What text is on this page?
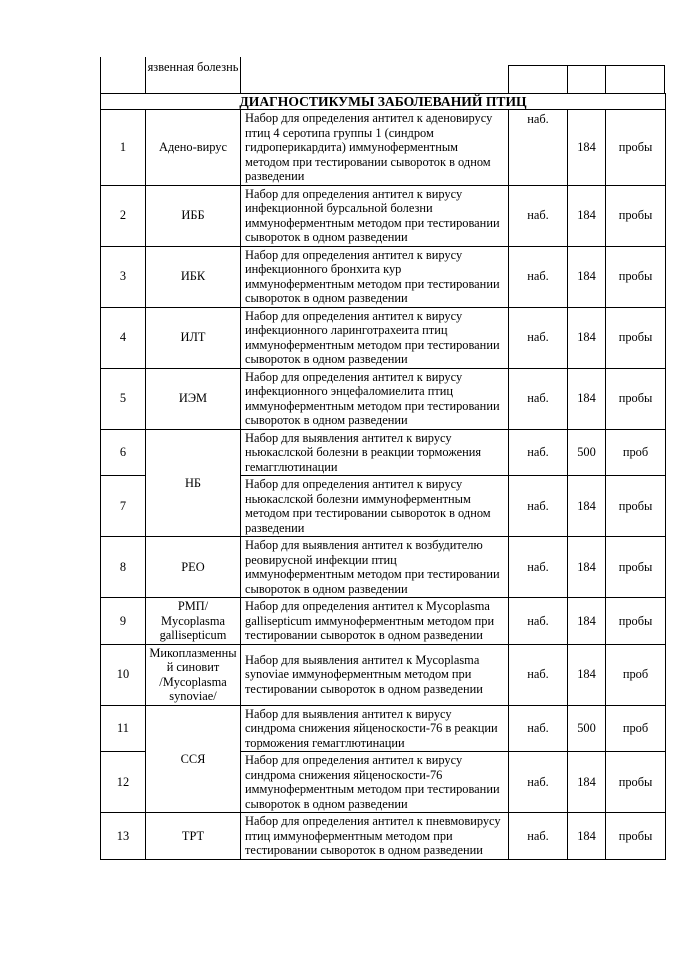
язвенная болезнь
ДИАГНОСТИКУМЫ ЗАБОЛЕВАНИЙ ПТИЦ					
1	Адено-вирус	Набор для определения антител к аденовирусу птиц 4 серотипа группы 1 (синдром гидроперикардита) иммуноферментным методом при тестировании сывороток в одном разведении	наб.	184	пробы
2	ИББ	Набор для определения антител к вирусу инфекционной бурсальной болезни иммуноферментным методом при тестировании сывороток в одном разведении	наб.	184	пробы
3	ИБК	Набор для определения антител к вирусу инфекционного бронхита кур иммуноферментным методом при тестировании сывороток в одном разведении	наб.	184	пробы
4	ИЛТ	Набор для определения антител к вирусу инфекционного ларинготрахеита птиц иммуноферментным методом при тестировании сывороток в одном разведении	наб.	184	пробы
5	ИЭМ	Набор для определения антител к вирусу инфекционного энцефаломиелита птиц иммуноферментным методом при тестировании сывороток в одном разведении	наб.	184	пробы
6	НБ	Набор для выявления антител к вирусу ньюкаслской болезни в реакции торможения гемагглютинации	наб.	500	проб
7		Набор для определения антител к вирусу ньюкаслской болезни иммуноферментным методом при тестировании сывороток в одном разведении	наб.	184	пробы
8	РЕО	Набор для выявления антител к возбудителю реовирусной инфекции птиц иммуноферментным методом при тестировании сывороток в одном разведении	наб.	184	пробы
9	РМП/ Mycoplasma gallisepticum	Набор для определения антител к Mycoplasma gallisepticum иммуноферментным методом при тестировании сывороток в одном разведении	наб.	184	пробы
10	Микоплазменный синовит /Mycoplasma synoviae/	Набор для выявления антител к Mycoplasma synoviae иммуноферментным методом при тестировании сывороток в одном разведении	наб.	184	проб
11	ССЯ	Набор для выявления антител к вирусу синдрома снижения яйценоскости-76 в реакции торможения гемагглютинации	наб.	500	проб
12		Набор для определения антител к вирусу синдрома снижения яйценоскости-76 иммуноферментным методом при тестировании сывороток в одном разведении	наб.	184	пробы
13	ТРТ	Набор для определения антител к пневмовирусу птиц иммуноферментным методом при тестировании сывороток в одном разведении	наб.	184	пробы
